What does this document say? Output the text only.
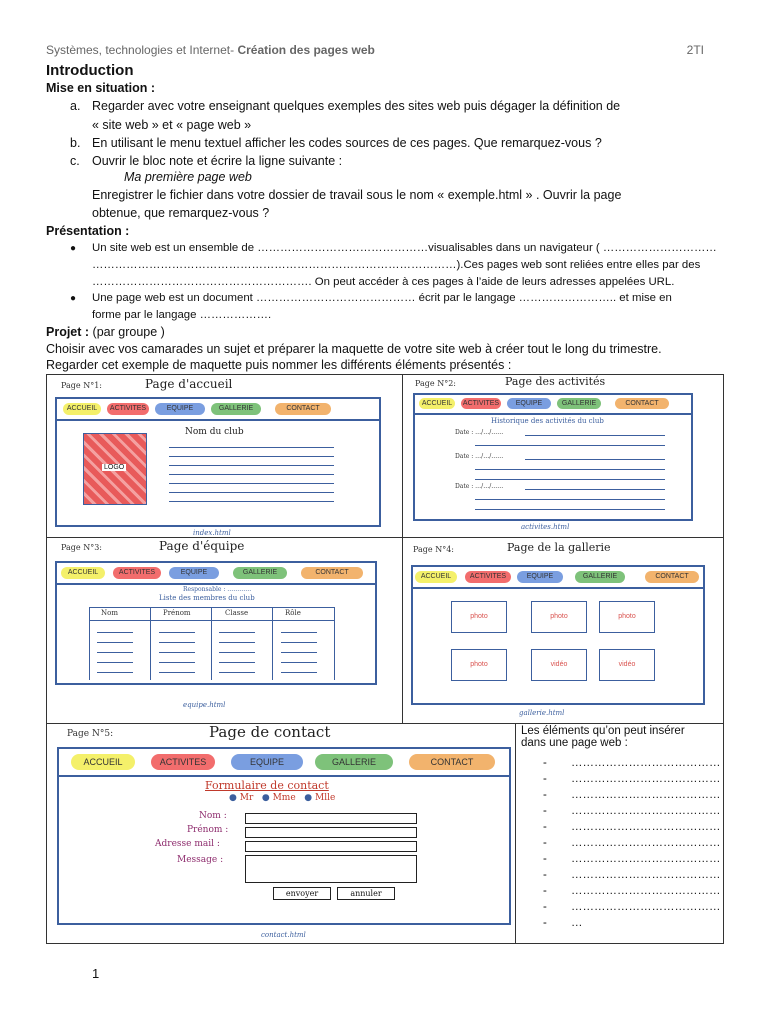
Systèmes, technologies et Internet- Création des pages web	2TI
Introduction
Mise en situation :
a. Regarder avec votre enseignant quelques exemples des sites web puis dégager la définition de
« site web » et « page web »
b. En utilisant le menu textuel afficher les codes sources de ces pages. Que remarquez-vous ?
c. Ouvrir le bloc note et écrire la ligne suivante :
Ma première page web
Enregistrer le fichier dans votre dossier de travail sous le nom « exemple.html » . Ouvrir la page
obtenue, que remarquez-vous ?
Présentation :
● Un site web est un ensemble de ………………………………………visualisables dans un navigateur ( …………………………
……………………………………………………………………………………).Ces pages web sont reliées entre elles par des
…………………………………………………. On peut accéder à ces pages à l’aide de leurs adresses appelées URL.
● Une page web est un document …………………………………… écrit par le langage …………………….. et mise en
forme par le langage ……………….
Projet : (par groupe )
Choisir avec vos camarades un sujet et préparer la maquette de votre site web à créer tout le long du trimestre.
Regarder cet exemple de maquette puis nommer les différents éléments présentés :
Page N°1:	Page d'accueil
ACCUEIL	ACTIVITES	EQUIPE	GALLERIE	CONTACT
LOGO
Nom du club
index.html
Page N°2:	Page des activités
ACCUEIL	ACTIVITES	EQUIPE	GALLERIE	CONTACT
Historique des activités du club
Date : …/…/……
Date : …/…/……
Date : …/…/……
activites.html
Page N°3:	Page d'équipe
ACCUEIL	ACTIVITES	EQUIPE	GALLERIE	CONTACT
Responsable : …………
Liste des membres du club
Nom	Prénom	Classe	Rôle
equipe.html
Page N°4:	Page de la gallerie
ACCUEIL	ACTIVITES	EQUIPE	GALLERIE	CONTACT
photo	photo	photo
photo	vidéo	vidéo
gallerie.html
Page N°5:	Page de contact
ACCUEIL	ACTIVITES	EQUIPE	GALLERIE	CONTACT
Formulaire de contact
● Mr ● Mme ● Mlle
Nom :
Prénom :
Adresse mail :
Message :
envoyer	annuler
contact.html
Les éléments qu’on peut insérer
dans une page web :
- …………………………………
- …………………………………
- …………………………………
- …………………………………
- …………………………………
- …………………………………
- …………………………………
- …………………………………
- …………………………………
- …………………………………
- …
1
